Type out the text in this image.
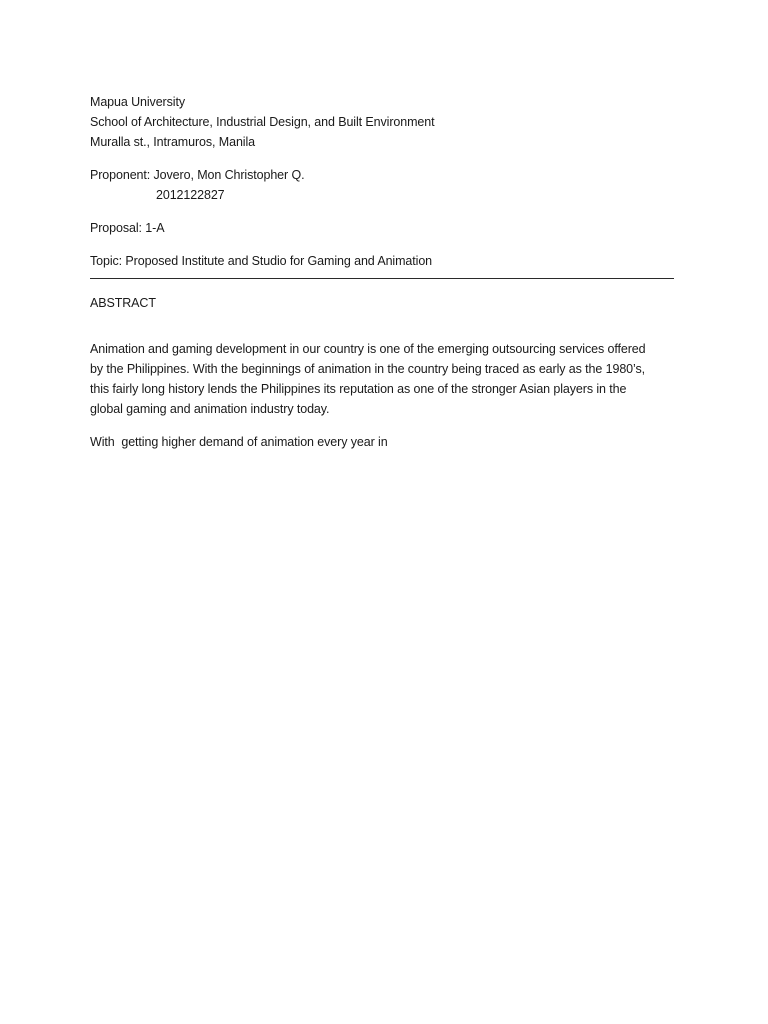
Mapua University
School of Architecture, Industrial Design, and Built Environment
Muralla st., Intramuros, Manila
Proponent: Jovero, Mon Christopher Q.
2012122827
Proposal: 1-A
Topic: Proposed Institute and Studio for Gaming and Animation
ABSTRACT
Animation and gaming development in our country is one of the emerging outsourcing services offered
by the Philippines. With the beginnings of animation in the country being traced as early as the 1980’s,
this fairly long history lends the Philippines its reputation as one of the stronger Asian players in the
global gaming and animation industry today.
With  getting higher demand of animation every year in
